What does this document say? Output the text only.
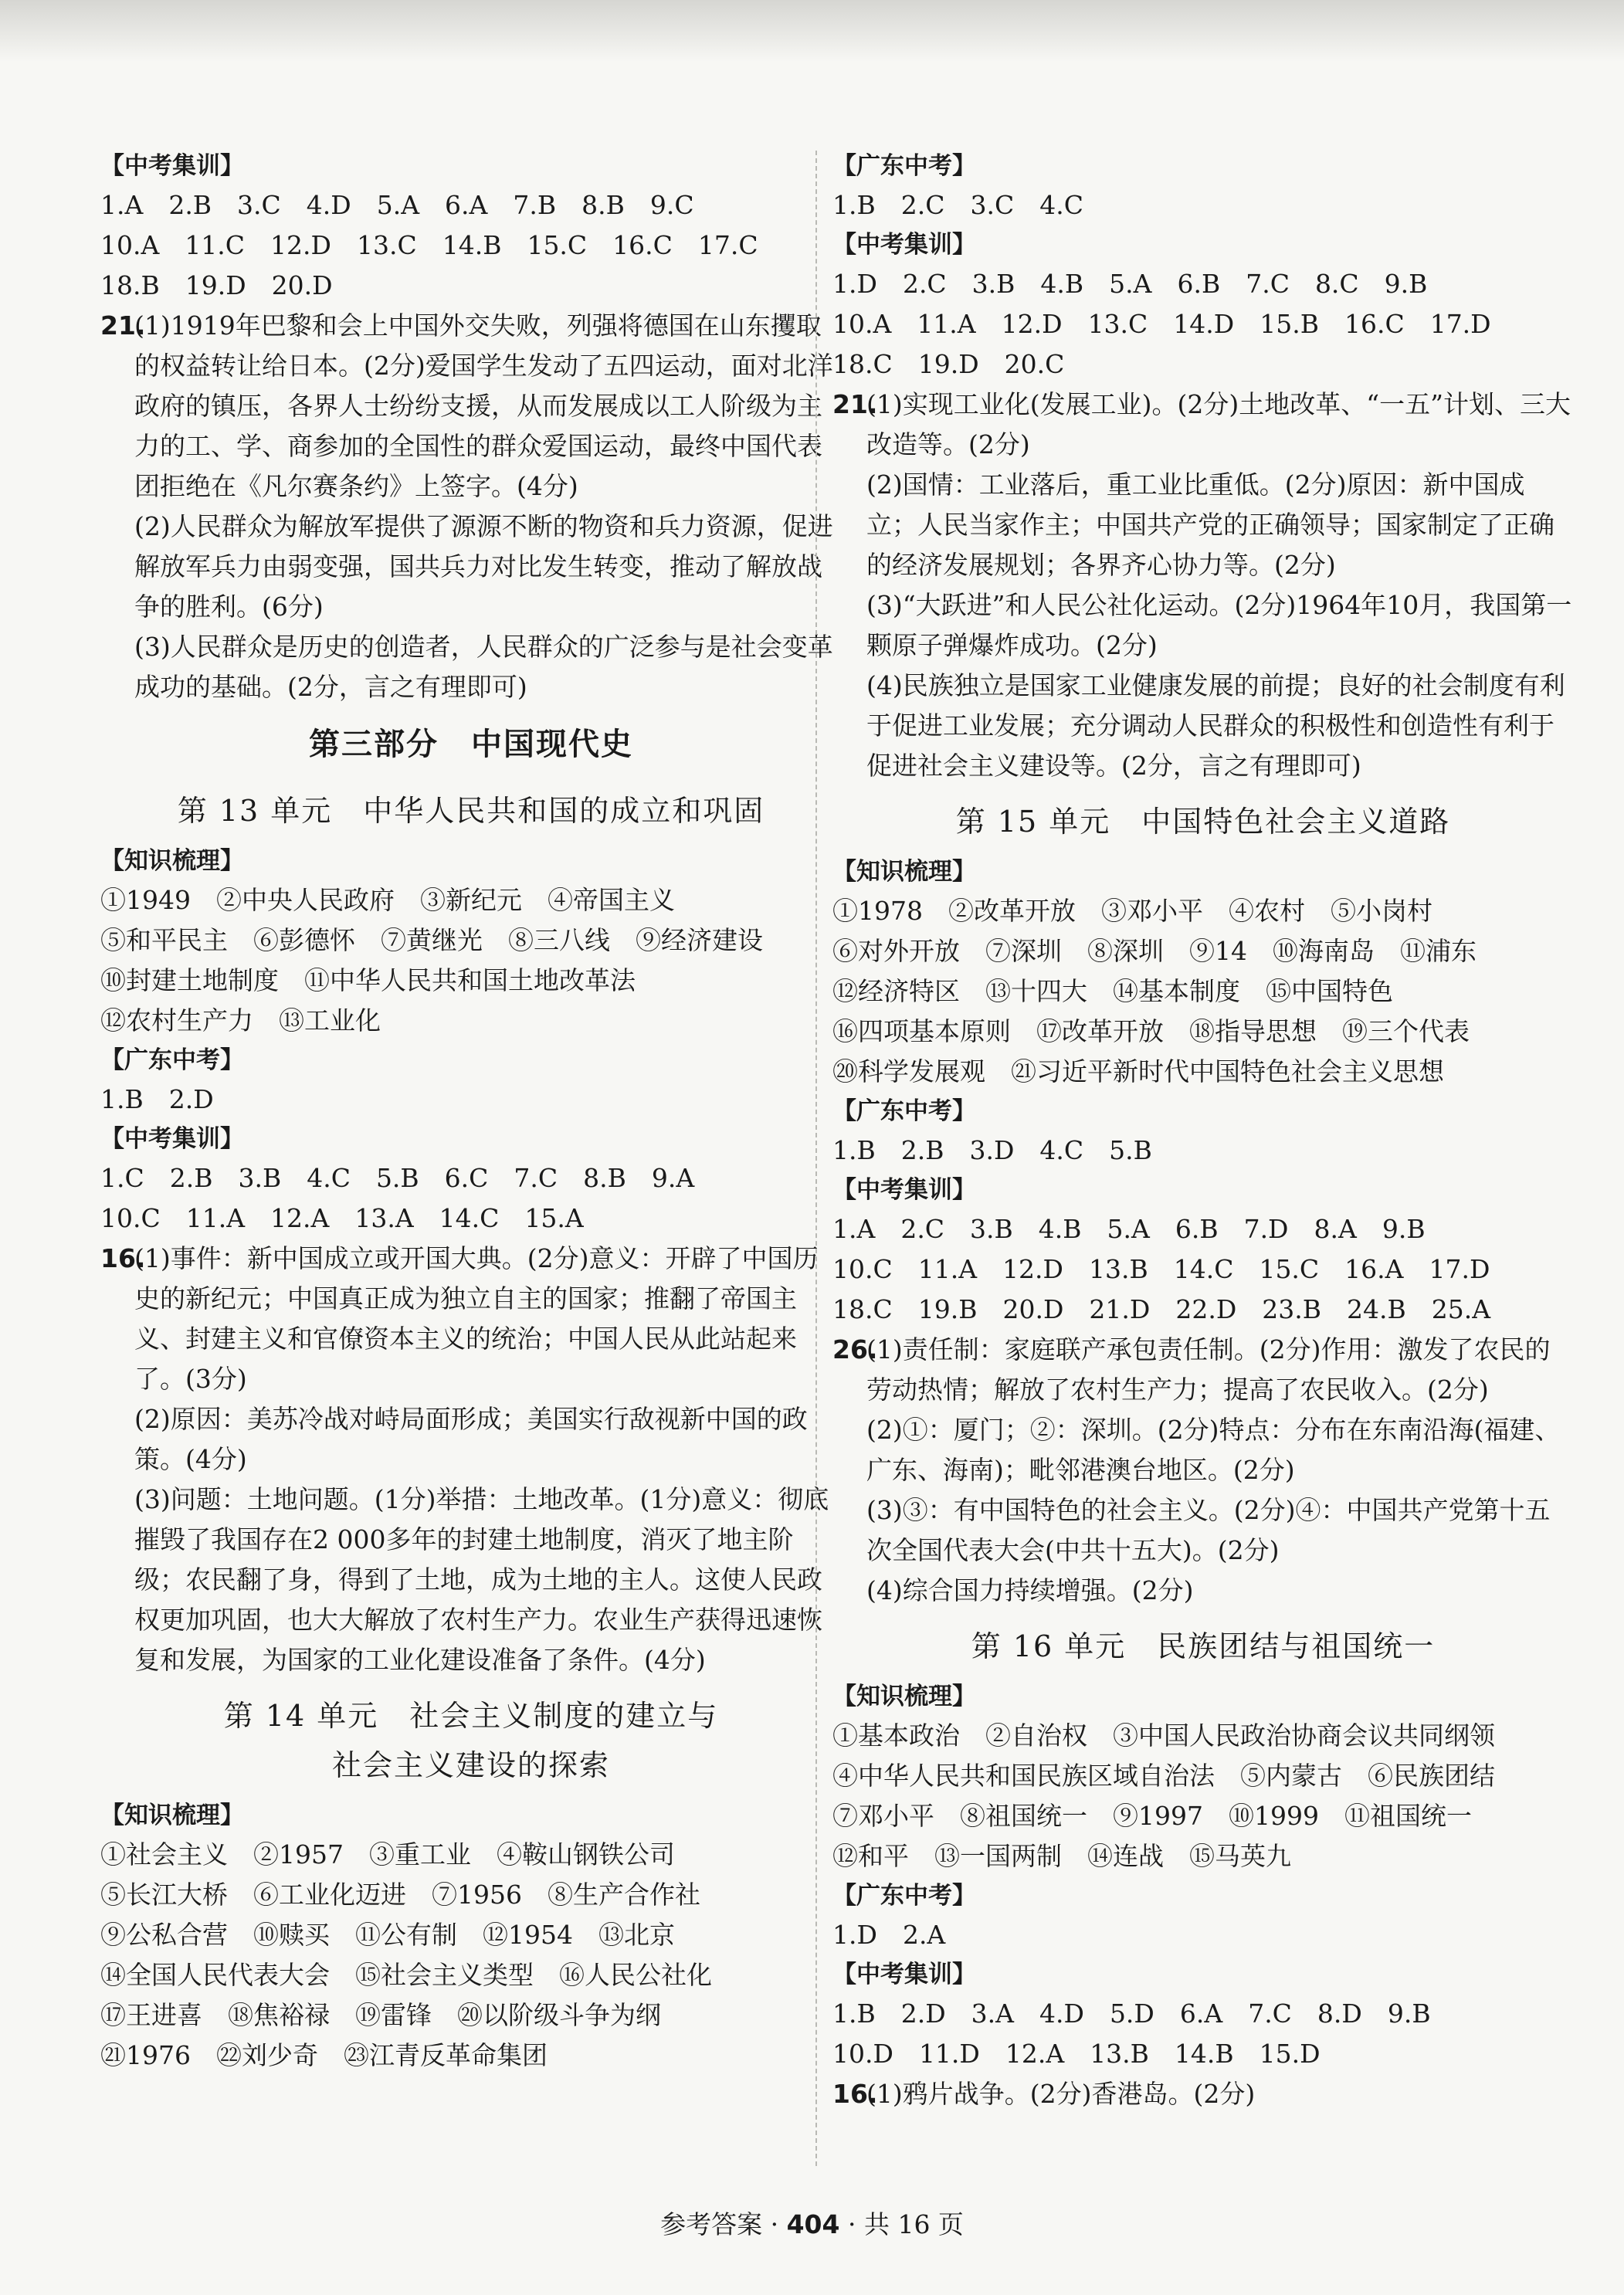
【中考集训】
1.A　2.B　3.C　4.D　5.A　6.A　7.B　8.B　9.C
10.A　11.C　12.D　13.C　14.B　15.C　16.C　17.C
18.B　19.D　20.D
21.
(1)1919年巴黎和会上中国外交失败，列强将德国在山东攫取的权益转让给日本。(2分)爱国学生发动了五四运动，面对北洋政府的镇压，各界人士纷纷支援，从而发展成以工人阶级为主力的工、学、商参加的全国性的群众爱国运动，最终中国代表团拒绝在《凡尔赛条约》上签字。(4分)
(2)人民群众为解放军提供了源源不断的物资和兵力资源，促进解放军兵力由弱变强，国共兵力对比发生转变，推动了解放战争的胜利。(6分)
(3)人民群众是历史的创造者，人民群众的广泛参与是社会变革成功的基础。(2分，言之有理即可)
第三部分　中国现代史
第 13 单元　中华人民共和国的成立和巩固
【知识梳理】
①1949　②中央人民政府　③新纪元　④帝国主义
⑤和平民主　⑥彭德怀　⑦黄继光　⑧三八线　⑨经济建设
⑩封建土地制度　⑪中华人民共和国土地改革法
⑫农村生产力　⑬工业化
【广东中考】
1.B　2.D
【中考集训】
1.C　2.B　3.B　4.C　5.B　6.C　7.C　8.B　9.A
10.C　11.A　12.A　13.A　14.C　15.A
16.
(1)事件：新中国成立或开国大典。(2分)意义：开辟了中国历史的新纪元；中国真正成为独立自主的国家；推翻了帝国主义、封建主义和官僚资本主义的统治；中国人民从此站起来了。(3分)
(2)原因：美苏冷战对峙局面形成；美国实行敌视新中国的政策。(4分)
(3)问题：土地问题。(1分)举措：土地改革。(1分)意义：彻底摧毁了我国存在2 000多年的封建土地制度，消灭了地主阶级；农民翻了身，得到了土地，成为土地的主人。这使人民政权更加巩固，也大大解放了农村生产力。农业生产获得迅速恢复和发展，为国家的工业化建设准备了条件。(4分)
第 14 单元　社会主义制度的建立与
社会主义建设的探索
【知识梳理】
①社会主义　②1957　③重工业　④鞍山钢铁公司
⑤长江大桥　⑥工业化迈进　⑦1956　⑧生产合作社
⑨公私合营　⑩赎买　⑪公有制　⑫1954　⑬北京
⑭全国人民代表大会　⑮社会主义类型　⑯人民公社化
⑰王进喜　⑱焦裕禄　⑲雷锋　⑳以阶级斗争为纲
㉑1976　㉒刘少奇　㉓江青反革命集团
【广东中考】
1.B　2.C　3.C　4.C
【中考集训】
1.D　2.C　3.B　4.B　5.A　6.B　7.C　8.C　9.B
10.A　11.A　12.D　13.C　14.D　15.B　16.C　17.D
18.C　19.D　20.C
21.
(1)实现工业化(发展工业)。(2分)土地改革、“一五”计划、三大改造等。(2分)
(2)国情：工业落后，重工业比重低。(2分)原因：新中国成立；人民当家作主；中国共产党的正确领导；国家制定了正确的经济发展规划；各界齐心协力等。(2分)
(3)“大跃进”和人民公社化运动。(2分)1964年10月，我国第一颗原子弹爆炸成功。(2分)
(4)民族独立是国家工业健康发展的前提；良好的社会制度有利于促进工业发展；充分调动人民群众的积极性和创造性有利于促进社会主义建设等。(2分，言之有理即可)
第 15 单元　中国特色社会主义道路
【知识梳理】
①1978　②改革开放　③邓小平　④农村　⑤小岗村
⑥对外开放　⑦深圳　⑧深圳　⑨14　⑩海南岛　⑪浦东
⑫经济特区　⑬十四大　⑭基本制度　⑮中国特色
⑯四项基本原则　⑰改革开放　⑱指导思想　⑲三个代表
⑳科学发展观　㉑习近平新时代中国特色社会主义思想
【广东中考】
1.B　2.B　3.D　4.C　5.B
【中考集训】
1.A　2.C　3.B　4.B　5.A　6.B　7.D　8.A　9.B
10.C　11.A　12.D　13.B　14.C　15.C　16.A　17.D
18.C　19.B　20.D　21.D　22.D　23.B　24.B　25.A
26.
(1)责任制：家庭联产承包责任制。(2分)作用：激发了农民的劳动热情；解放了农村生产力；提高了农民收入。(2分)
(2)①：厦门；②：深圳。(2分)特点：分布在东南沿海(福建、广东、海南)；毗邻港澳台地区。(2分)
(3)③：有中国特色的社会主义。(2分)④：中国共产党第十五次全国代表大会(中共十五大)。(2分)
(4)综合国力持续增强。(2分)
第 16 单元　民族团结与祖国统一
【知识梳理】
①基本政治　②自治权　③中国人民政治协商会议共同纲领
④中华人民共和国民族区域自治法　⑤内蒙古　⑥民族团结
⑦邓小平　⑧祖国统一　⑨1997　⑩1999　⑪祖国统一
⑫和平　⑬一国两制　⑭连战　⑮马英九
【广东中考】
1.D　2.A
【中考集训】
1.B　2.D　3.A　4.D　5.D　6.A　7.C　8.D　9.B
10.D　11.D　12.A　13.B　14.B　15.D
16.
(1)鸦片战争。(2分)香港岛。(2分)
参考答案 · 404 · 共 16 页
